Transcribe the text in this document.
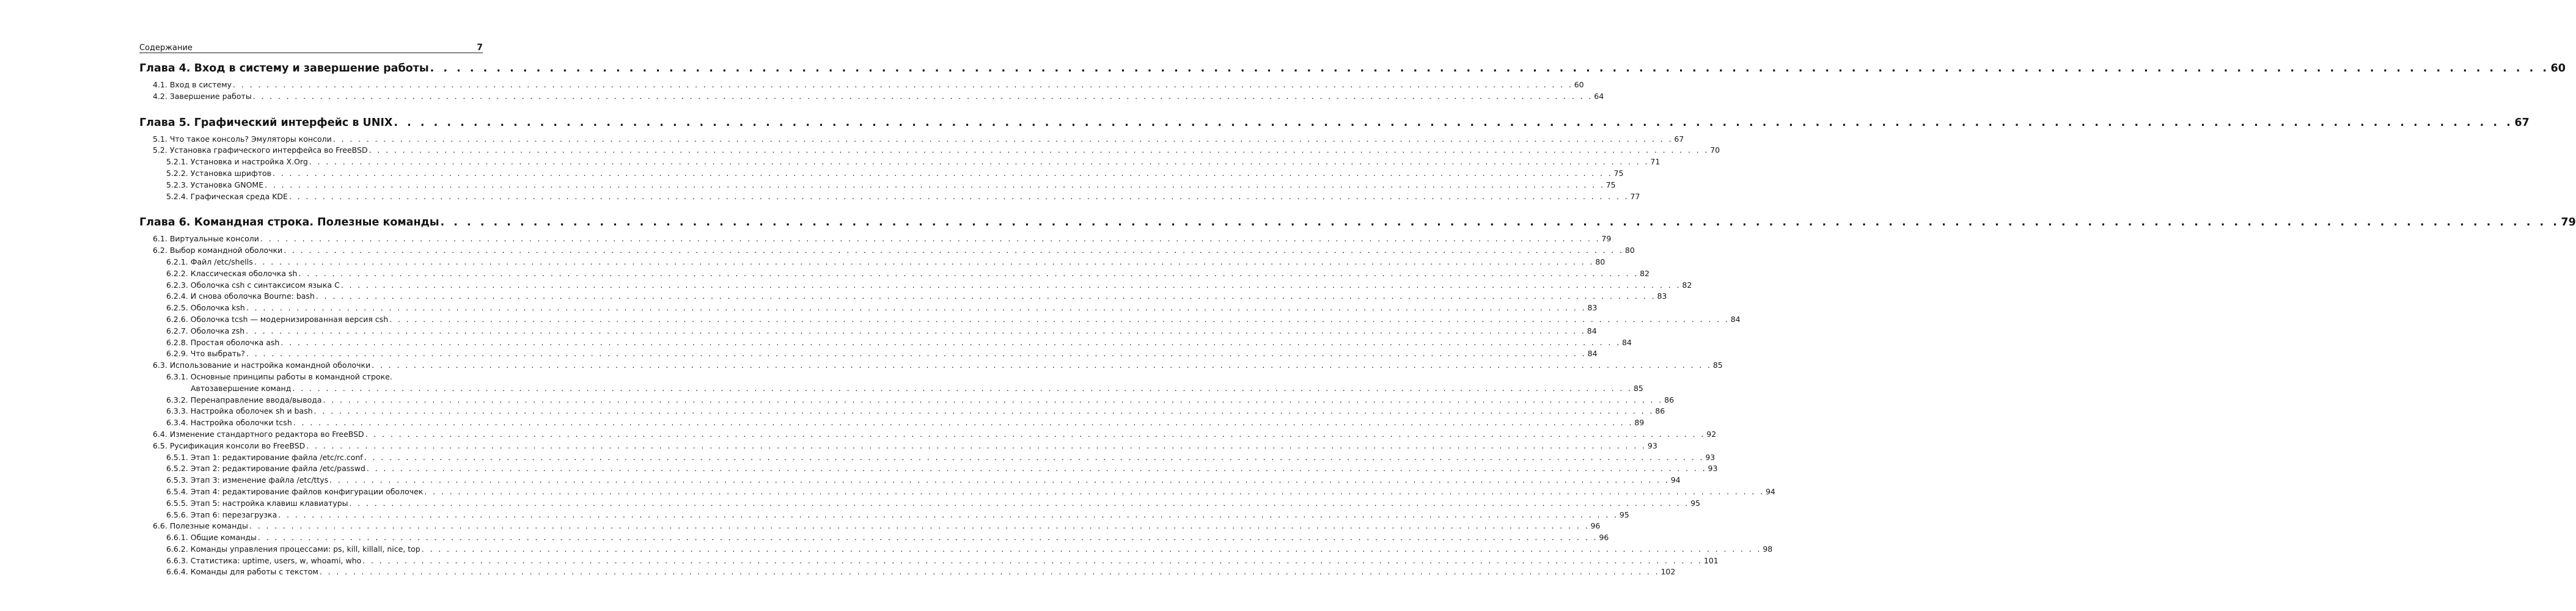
Содержание	7
Глава 4. Вход в систему и завершение работы . . . . . . . . . . . . . . . . . . . . . . . . . . . . . . . . . . . . . . . . . . . . . . . . . . . . . . . . . . . . . . . . . . . . . . . . . . . . . . . . . . . . . . . . . . . . . . . . . . . . . . . . . . . . . . . . . . . . . . . . . . . . . . . . . . . . . . . . . . . . . . . . . . . . . . . . . . . . . . . . 60
4.1. Вход в систему . . . . . . . . . . . . . . . . . . . . . . . . . . . . . . . . . . . . . . . . . . . . . . . . . . . . . . . . . . . . . . . . . . . . . . . . . . . . . . . . . . . . . . . . . . . . . . . . . . . . . . . . . . . . . . . . . . . . . . . . . . . . . . . . . . . . . . . . . . . . . . . . . . . . . . . . . . . . . . . . 60
4.2. Завершение работы . . . . . . . . . . . . . . . . . . . . . . . . . . . . . . . . . . . . . . . . . . . . . . . . . . . . . . . . . . . . . . . . . . . . . . . . . . . . . . . . . . . . . . . . . . . . . . . . . . . . . . . . . . . . . . . . . . . . . . . . . . . . . . . . . . . . . . . . . . . . . . . . . . . . . . . . . . . . . . . . 64
Глава 5. Графический интерфейс в UNIX . . . . . . . . . . . . . . . . . . . . . . . . . . . . . . . . . . . . . . . . . . . . . . . . . . . . . . . . . . . . . . . . . . . . . . . . . . . . . . . . . . . . . . . . . . . . . . . . . . . . . . . . . . . . . . . . . . . . . . . . . . . . . . . . . . . . . . . . . . . . . . . . . . . . . . . . . . . . . . . . 67
5.1. Что такое консоль? Эмуляторы консоли . . . . . . . . . . . . . . . . . . . . . . . . . . . . . . . . . . . . . . . . . . . . . . . . . . . . . . . . . . . . . . . . . . . . . . . . . . . . . . . . . . . . . . . . . . . . . . . . . . . . . . . . . . . . . . . . . . . . . . . . . . . . . . . . . . . . . . . . . . . . . . . . . . . . . . . . . . . . . . . . 67
5.2. Установка графического интерфейса во FreeBSD . . . . . . . . . . . . . . . . . . . . . . . . . . . . . . . . . . . . . . . . . . . . . . . . . . . . . . . . . . . . . . . . . . . . . . . . . . . . . . . . . . . . . . . . . . . . . . . . . . . . . . . . . . . . . . . . . . . . . . . . . . . . . . . . . . . . . . . . . . . . . . . . . . . . . . . . . . . . . . . . 70
5.2.1. Установка и настройка X.Org . . . . . . . . . . . . . . . . . . . . . . . . . . . . . . . . . . . . . . . . . . . . . . . . . . . . . . . . . . . . . . . . . . . . . . . . . . . . . . . . . . . . . . . . . . . . . . . . . . . . . . . . . . . . . . . . . . . . . . . . . . . . . . . . . . . . . . . . . . . . . . . . . . . . . . . . . . . . . . . . 71
5.2.2. Установка шрифтов . . . . . . . . . . . . . . . . . . . . . . . . . . . . . . . . . . . . . . . . . . . . . . . . . . . . . . . . . . . . . . . . . . . . . . . . . . . . . . . . . . . . . . . . . . . . . . . . . . . . . . . . . . . . . . . . . . . . . . . . . . . . . . . . . . . . . . . . . . . . . . . . . . . . . . . . . . . . . . . . 75
5.2.3. Установка GNOME . . . . . . . . . . . . . . . . . . . . . . . . . . . . . . . . . . . . . . . . . . . . . . . . . . . . . . . . . . . . . . . . . . . . . . . . . . . . . . . . . . . . . . . . . . . . . . . . . . . . . . . . . . . . . . . . . . . . . . . . . . . . . . . . . . . . . . . . . . . . . . . . . . . . . . . . . . . . . . . . 75
5.2.4. Графическая среда KDE . . . . . . . . . . . . . . . . . . . . . . . . . . . . . . . . . . . . . . . . . . . . . . . . . . . . . . . . . . . . . . . . . . . . . . . . . . . . . . . . . . . . . . . . . . . . . . . . . . . . . . . . . . . . . . . . . . . . . . . . . . . . . . . . . . . . . . . . . . . . . . . . . . . . . . . . . . . . . . . . 77
Глава 6. Командная строка. Полезные команды . . . . . . . . . . . . . . . . . . . . . . . . . . . . . . . . . . . . . . . . . . . . . . . . . . . . . . . . . . . . . . . . . . . . . . . . . . . . . . . . . . . . . . . . . . . . . . . . . . . . . . . . . . . . . . . . . . . . . . . . . . . . . . . . . . . . . . . . . . . . . . . . . . . . . . . . . . . . . . . . 79
6.1. Виртуальные консоли . . . . . . . . . . . . . . . . . . . . . . . . . . . . . . . . . . . . . . . . . . . . . . . . . . . . . . . . . . . . . . . . . . . . . . . . . . . . . . . . . . . . . . . . . . . . . . . . . . . . . . . . . . . . . . . . . . . . . . . . . . . . . . . . . . . . . . . . . . . . . . . . . . . . . . . . . . . . . . . . 79
6.2. Выбор командной оболочки . . . . . . . . . . . . . . . . . . . . . . . . . . . . . . . . . . . . . . . . . . . . . . . . . . . . . . . . . . . . . . . . . . . . . . . . . . . . . . . . . . . . . . . . . . . . . . . . . . . . . . . . . . . . . . . . . . . . . . . . . . . . . . . . . . . . . . . . . . . . . . . . . . . . . . . . . . . . . . . . 80
6.2.1. Файл /etc/shells . . . . . . . . . . . . . . . . . . . . . . . . . . . . . . . . . . . . . . . . . . . . . . . . . . . . . . . . . . . . . . . . . . . . . . . . . . . . . . . . . . . . . . . . . . . . . . . . . . . . . . . . . . . . . . . . . . . . . . . . . . . . . . . . . . . . . . . . . . . . . . . . . . . . . . . . . . . . . . . . 80
6.2.2. Классическая оболочка sh . . . . . . . . . . . . . . . . . . . . . . . . . . . . . . . . . . . . . . . . . . . . . . . . . . . . . . . . . . . . . . . . . . . . . . . . . . . . . . . . . . . . . . . . . . . . . . . . . . . . . . . . . . . . . . . . . . . . . . . . . . . . . . . . . . . . . . . . . . . . . . . . . . . . . . . . . . . . . . . . 82
6.2.3. Оболочка csh с синтаксисом языка С . . . . . . . . . . . . . . . . . . . . . . . . . . . . . . . . . . . . . . . . . . . . . . . . . . . . . . . . . . . . . . . . . . . . . . . . . . . . . . . . . . . . . . . . . . . . . . . . . . . . . . . . . . . . . . . . . . . . . . . . . . . . . . . . . . . . . . . . . . . . . . . . . . . . . . . . . . . . . . . . 82
6.2.4. И снова оболочка Bourne: bash . . . . . . . . . . . . . . . . . . . . . . . . . . . . . . . . . . . . . . . . . . . . . . . . . . . . . . . . . . . . . . . . . . . . . . . . . . . . . . . . . . . . . . . . . . . . . . . . . . . . . . . . . . . . . . . . . . . . . . . . . . . . . . . . . . . . . . . . . . . . . . . . . . . . . . . . . . . . . . . . 83
6.2.5. Оболочка ksh . . . . . . . . . . . . . . . . . . . . . . . . . . . . . . . . . . . . . . . . . . . . . . . . . . . . . . . . . . . . . . . . . . . . . . . . . . . . . . . . . . . . . . . . . . . . . . . . . . . . . . . . . . . . . . . . . . . . . . . . . . . . . . . . . . . . . . . . . . . . . . . . . . . . . . . . . . . . . . . . 83
6.2.6. Оболочка tcsh — модернизированная версия csh . . . . . . . . . . . . . . . . . . . . . . . . . . . . . . . . . . . . . . . . . . . . . . . . . . . . . . . . . . . . . . . . . . . . . . . . . . . . . . . . . . . . . . . . . . . . . . . . . . . . . . . . . . . . . . . . . . . . . . . . . . . . . . . . . . . . . . . . . . . . . . . . . . . . . . . . . . . . . . . . 84
6.2.7. Оболочка zsh . . . . . . . . . . . . . . . . . . . . . . . . . . . . . . . . . . . . . . . . . . . . . . . . . . . . . . . . . . . . . . . . . . . . . . . . . . . . . . . . . . . . . . . . . . . . . . . . . . . . . . . . . . . . . . . . . . . . . . . . . . . . . . . . . . . . . . . . . . . . . . . . . . . . . . . . . . . . . . . . 84
6.2.8. Простая оболочка ash . . . . . . . . . . . . . . . . . . . . . . . . . . . . . . . . . . . . . . . . . . . . . . . . . . . . . . . . . . . . . . . . . . . . . . . . . . . . . . . . . . . . . . . . . . . . . . . . . . . . . . . . . . . . . . . . . . . . . . . . . . . . . . . . . . . . . . . . . . . . . . . . . . . . . . . . . . . . . . . . 84
6.2.9. Что выбрать? . . . . . . . . . . . . . . . . . . . . . . . . . . . . . . . . . . . . . . . . . . . . . . . . . . . . . . . . . . . . . . . . . . . . . . . . . . . . . . . . . . . . . . . . . . . . . . . . . . . . . . . . . . . . . . . . . . . . . . . . . . . . . . . . . . . . . . . . . . . . . . . . . . . . . . . . . . . . . . . . 84
6.3. Использование и настройка командной оболочки . . . . . . . . . . . . . . . . . . . . . . . . . . . . . . . . . . . . . . . . . . . . . . . . . . . . . . . . . . . . . . . . . . . . . . . . . . . . . . . . . . . . . . . . . . . . . . . . . . . . . . . . . . . . . . . . . . . . . . . . . . . . . . . . . . . . . . . . . . . . . . . . . . . . . . . . . . . . . . . . 85
6.3.1. Основные принципы работы в командной строке.
Автозавершение команд . . . . . . . . . . . . . . . . . . . . . . . . . . . . . . . . . . . . . . . . . . . . . . . . . . . . . . . . . . . . . . . . . . . . . . . . . . . . . . . . . . . . . . . . . . . . . . . . . . . . . . . . . . . . . . . . . . . . . . . . . . . . . . . . . . . . . . . . . . . . . . . . . . . . . . . . . . . . . . . . 85
6.3.2. Перенаправление ввода/вывода . . . . . . . . . . . . . . . . . . . . . . . . . . . . . . . . . . . . . . . . . . . . . . . . . . . . . . . . . . . . . . . . . . . . . . . . . . . . . . . . . . . . . . . . . . . . . . . . . . . . . . . . . . . . . . . . . . . . . . . . . . . . . . . . . . . . . . . . . . . . . . . . . . . . . . . . . . . . . . . . 86
6.3.3. Настройка оболочек sh и bash . . . . . . . . . . . . . . . . . . . . . . . . . . . . . . . . . . . . . . . . . . . . . . . . . . . . . . . . . . . . . . . . . . . . . . . . . . . . . . . . . . . . . . . . . . . . . . . . . . . . . . . . . . . . . . . . . . . . . . . . . . . . . . . . . . . . . . . . . . . . . . . . . . . . . . . . . . . . . . . . 86
6.3.4. Настройка оболочки tcsh . . . . . . . . . . . . . . . . . . . . . . . . . . . . . . . . . . . . . . . . . . . . . . . . . . . . . . . . . . . . . . . . . . . . . . . . . . . . . . . . . . . . . . . . . . . . . . . . . . . . . . . . . . . . . . . . . . . . . . . . . . . . . . . . . . . . . . . . . . . . . . . . . . . . . . . . . . . . . . . . 89
6.4. Изменение стандартного редактора во FreeBSD . . . . . . . . . . . . . . . . . . . . . . . . . . . . . . . . . . . . . . . . . . . . . . . . . . . . . . . . . . . . . . . . . . . . . . . . . . . . . . . . . . . . . . . . . . . . . . . . . . . . . . . . . . . . . . . . . . . . . . . . . . . . . . . . . . . . . . . . . . . . . . . . . . . . . . . . . . . . . . . . 92
6.5. Русификация консоли во FreeBSD . . . . . . . . . . . . . . . . . . . . . . . . . . . . . . . . . . . . . . . . . . . . . . . . . . . . . . . . . . . . . . . . . . . . . . . . . . . . . . . . . . . . . . . . . . . . . . . . . . . . . . . . . . . . . . . . . . . . . . . . . . . . . . . . . . . . . . . . . . . . . . . . . . . . . . . . . . . . . . . . 93
6.5.1. Этап 1: редактирование файла /etc/rc.conf . . . . . . . . . . . . . . . . . . . . . . . . . . . . . . . . . . . . . . . . . . . . . . . . . . . . . . . . . . . . . . . . . . . . . . . . . . . . . . . . . . . . . . . . . . . . . . . . . . . . . . . . . . . . . . . . . . . . . . . . . . . . . . . . . . . . . . . . . . . . . . . . . . . . . . . . . . . . . . . . 93
6.5.2. Этап 2: редактирование файла /etc/passwd . . . . . . . . . . . . . . . . . . . . . . . . . . . . . . . . . . . . . . . . . . . . . . . . . . . . . . . . . . . . . . . . . . . . . . . . . . . . . . . . . . . . . . . . . . . . . . . . . . . . . . . . . . . . . . . . . . . . . . . . . . . . . . . . . . . . . . . . . . . . . . . . . . . . . . . . . . . . . . . . 93
6.5.3. Этап 3: изменение файла /etc/ttys . . . . . . . . . . . . . . . . . . . . . . . . . . . . . . . . . . . . . . . . . . . . . . . . . . . . . . . . . . . . . . . . . . . . . . . . . . . . . . . . . . . . . . . . . . . . . . . . . . . . . . . . . . . . . . . . . . . . . . . . . . . . . . . . . . . . . . . . . . . . . . . . . . . . . . . . . . . . . . . . 94
6.5.4. Этап 4: редактирование файлов конфигурации оболочек . . . . . . . . . . . . . . . . . . . . . . . . . . . . . . . . . . . . . . . . . . . . . . . . . . . . . . . . . . . . . . . . . . . . . . . . . . . . . . . . . . . . . . . . . . . . . . . . . . . . . . . . . . . . . . . . . . . . . . . . . . . . . . . . . . . . . . . . . . . . . . . . . . . . . . . . . . . . . . . . 94
6.5.5. Этап 5: настройка клавиш клавиатуры . . . . . . . . . . . . . . . . . . . . . . . . . . . . . . . . . . . . . . . . . . . . . . . . . . . . . . . . . . . . . . . . . . . . . . . . . . . . . . . . . . . . . . . . . . . . . . . . . . . . . . . . . . . . . . . . . . . . . . . . . . . . . . . . . . . . . . . . . . . . . . . . . . . . . . . . . . . . . . . . 95
6.5.6. Этап 6: перезагрузка . . . . . . . . . . . . . . . . . . . . . . . . . . . . . . . . . . . . . . . . . . . . . . . . . . . . . . . . . . . . . . . . . . . . . . . . . . . . . . . . . . . . . . . . . . . . . . . . . . . . . . . . . . . . . . . . . . . . . . . . . . . . . . . . . . . . . . . . . . . . . . . . . . . . . . . . . . . . . . . . 95
6.6. Полезные команды . . . . . . . . . . . . . . . . . . . . . . . . . . . . . . . . . . . . . . . . . . . . . . . . . . . . . . . . . . . . . . . . . . . . . . . . . . . . . . . . . . . . . . . . . . . . . . . . . . . . . . . . . . . . . . . . . . . . . . . . . . . . . . . . . . . . . . . . . . . . . . . . . . . . . . . . . . . . . . . . 96
6.6.1. Общие команды . . . . . . . . . . . . . . . . . . . . . . . . . . . . . . . . . . . . . . . . . . . . . . . . . . . . . . . . . . . . . . . . . . . . . . . . . . . . . . . . . . . . . . . . . . . . . . . . . . . . . . . . . . . . . . . . . . . . . . . . . . . . . . . . . . . . . . . . . . . . . . . . . . . . . . . . . . . . . . . . 96
6.6.2. Команды управления процессами: ps, kill, killall, nice, top . . . . . . . . . . . . . . . . . . . . . . . . . . . . . . . . . . . . . . . . . . . . . . . . . . . . . . . . . . . . . . . . . . . . . . . . . . . . . . . . . . . . . . . . . . . . . . . . . . . . . . . . . . . . . . . . . . . . . . . . . . . . . . . . . . . . . . . . . . . . . . . . . . . . . . . . . . . . . . . . 98
6.6.3. Статистика: uptime, users, w, whoami, who . . . . . . . . . . . . . . . . . . . . . . . . . . . . . . . . . . . . . . . . . . . . . . . . . . . . . . . . . . . . . . . . . . . . . . . . . . . . . . . . . . . . . . . . . . . . . . . . . . . . . . . . . . . . . . . . . . . . . . . . . . . . . . . . . . . . . . . . . . . . . . . . . . . . . . . . . . . . . . . . 101
6.6.4. Команды для работы с текстом . . . . . . . . . . . . . . . . . . . . . . . . . . . . . . . . . . . . . . . . . . . . . . . . . . . . . . . . . . . . . . . . . . . . . . . . . . . . . . . . . . . . . . . . . . . . . . . . . . . . . . . . . . . . . . . . . . . . . . . . . . . . . . . . . . . . . . . . . . . . . . . . . . . . . . . . . . . . . . . . 102
